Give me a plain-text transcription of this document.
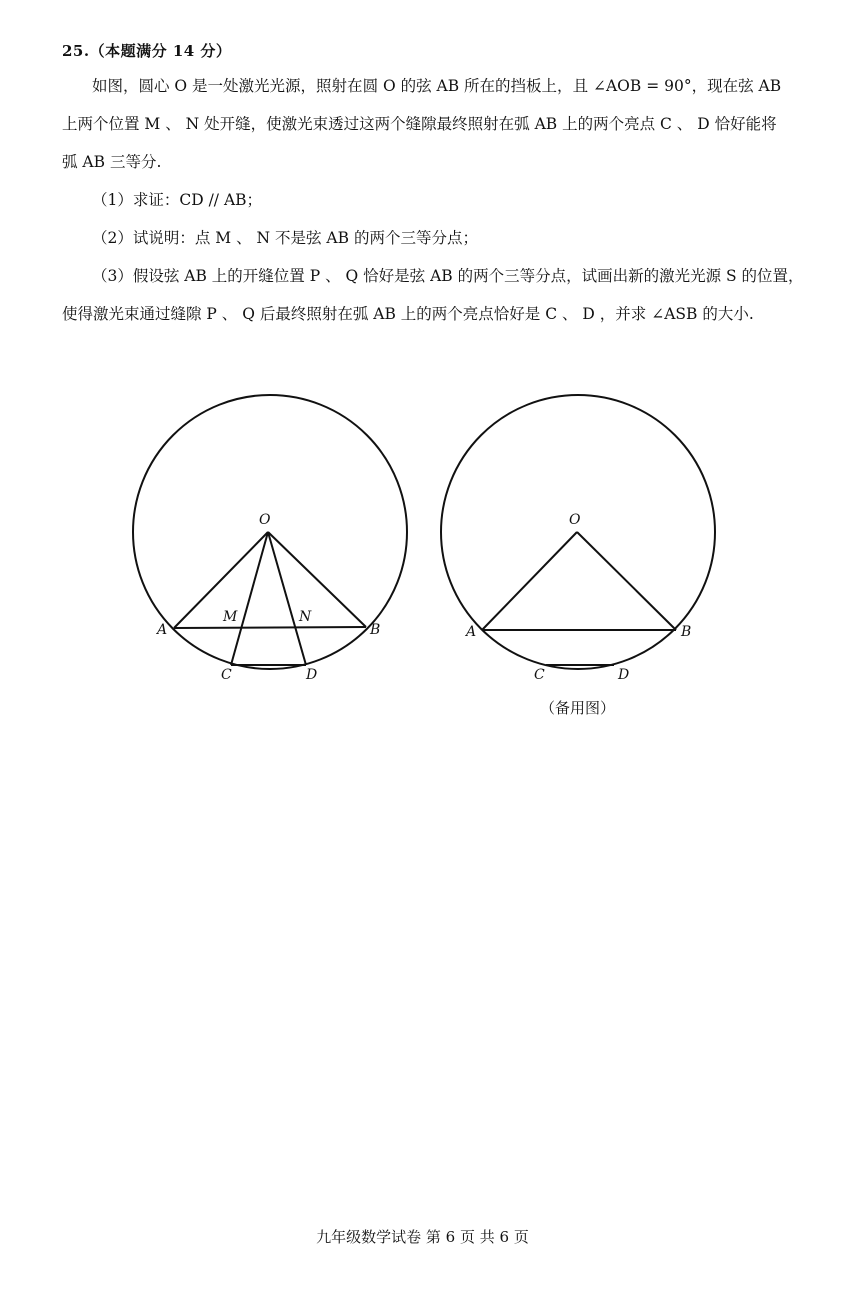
25.（本题满分 14 分）
如图，圆心 O 是一处激光光源，照射在圆 O 的弦 AB 所在的挡板上，且 ∠AOB = 90°，现在弦 AB
上两个位置 M 、 N 处开缝，使激光束透过这两个缝隙最终照射在弧 AB 上的两个亮点 C 、 D 恰好能将
弧 AB 三等分.
（1）求证：CD // AB；
（2）试说明：点 M 、 N 不是弦 AB 的两个三等分点；
（3）假设弦 AB 上的开缝位置 P 、 Q 恰好是弦 AB 的两个三等分点，试画出新的激光光源 S 的位置，
使得激光束通过缝隙 P 、 Q 后最终照射在弧 AB 上的两个亮点恰好是 C 、 D ，并求 ∠ASB 的大小.
O
A	B
M	N
C	D
O
A	B
C	D
（备用图）
九年级数学试卷 第 6 页 共 6 页
